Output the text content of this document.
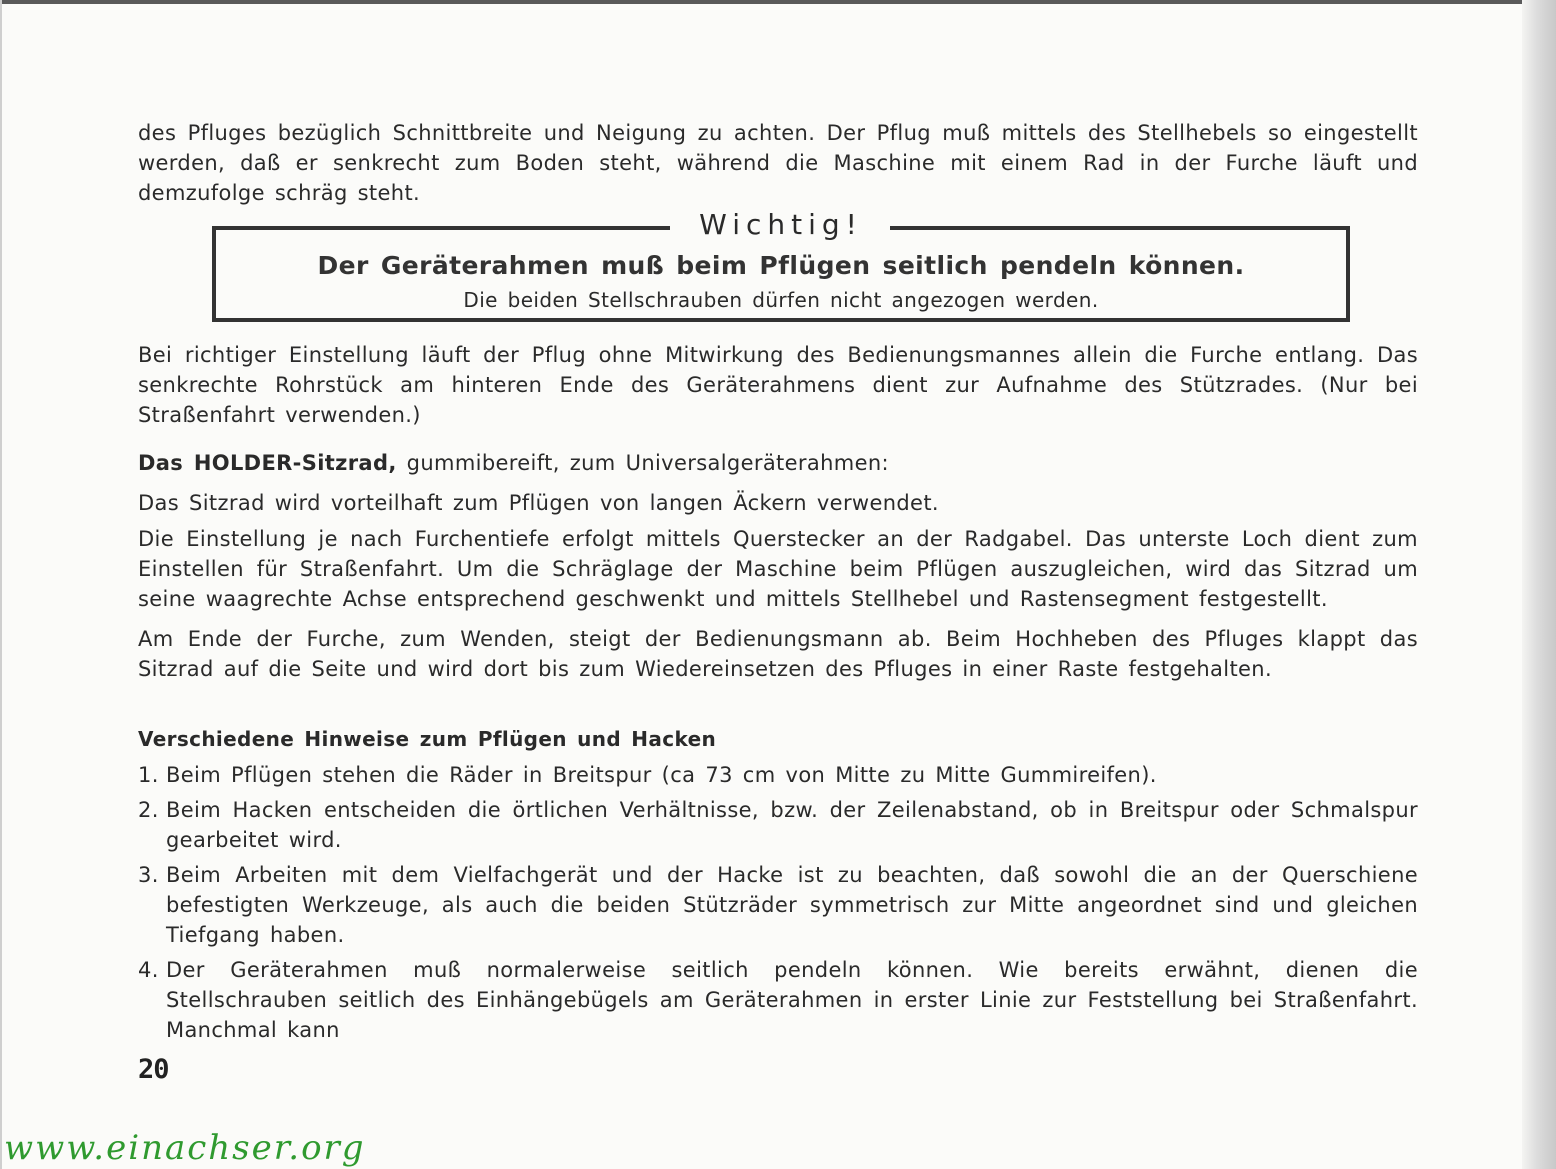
des Pfluges bezüglich Schnittbreite und Neigung zu achten. Der Pflug muß mittels des Stellhebels so eingestellt werden, daß er senkrecht zum Boden steht, während die Maschine mit einem Rad in der Furche läuft und demzufolge schräg steht.

Wichtig!
Der Geräterahmen muß beim Pflügen seitlich pendeln können.
Die beiden Stellschrauben dürfen nicht angezogen werden.

Bei richtiger Einstellung läuft der Pflug ohne Mitwirkung des Bedienungsmannes allein die Furche entlang. Das senkrechte Rohrstück am hinteren Ende des Geräterahmens dient zur Aufnahme des Stützrades. (Nur bei Straßenfahrt verwenden.)

Das HOLDER-Sitzrad, gummibereift, zum Universalgeräterahmen:

Das Sitzrad wird vorteilhaft zum Pflügen von langen Äckern verwendet.

Die Einstellung je nach Furchentiefe erfolgt mittels Querstecker an der Radgabel. Das unterste Loch dient zum Einstellen für Straßenfahrt. Um die Schräglage der Maschine beim Pflügen auszugleichen, wird das Sitzrad um seine waagrechte Achse entsprechend geschwenkt und mittels Stellhebel und Rastensegment festgestellt.

Am Ende der Furche, zum Wenden, steigt der Bedienungsmann ab. Beim Hochheben des Pfluges klappt das Sitzrad auf die Seite und wird dort bis zum Wiedereinsetzen des Pfluges in einer Raste festgehalten.

Verschiedene Hinweise zum Pflügen und Hacken
1. Beim Pflügen stehen die Räder in Breitspur (ca 73 cm von Mitte zu Mitte Gummireifen).
2. Beim Hacken entscheiden die örtlichen Verhältnisse, bzw. der Zeilenabstand, ob in Breitspur oder Schmalspur gearbeitet wird.
3. Beim Arbeiten mit dem Vielfachgerät und der Hacke ist zu beachten, daß sowohl die an der Querschiene befestigten Werkzeuge, als auch die beiden Stützräder symmetrisch zur Mitte angeordnet sind und gleichen Tiefgang haben.
4. Der Geräterahmen muß normalerweise seitlich pendeln können. Wie bereits erwähnt, dienen die Stellschrauben seitlich des Einhängebügels am Geräterahmen in erster Linie zur Feststellung bei Straßenfahrt. Manchmal kann
20
www.einachser.org
